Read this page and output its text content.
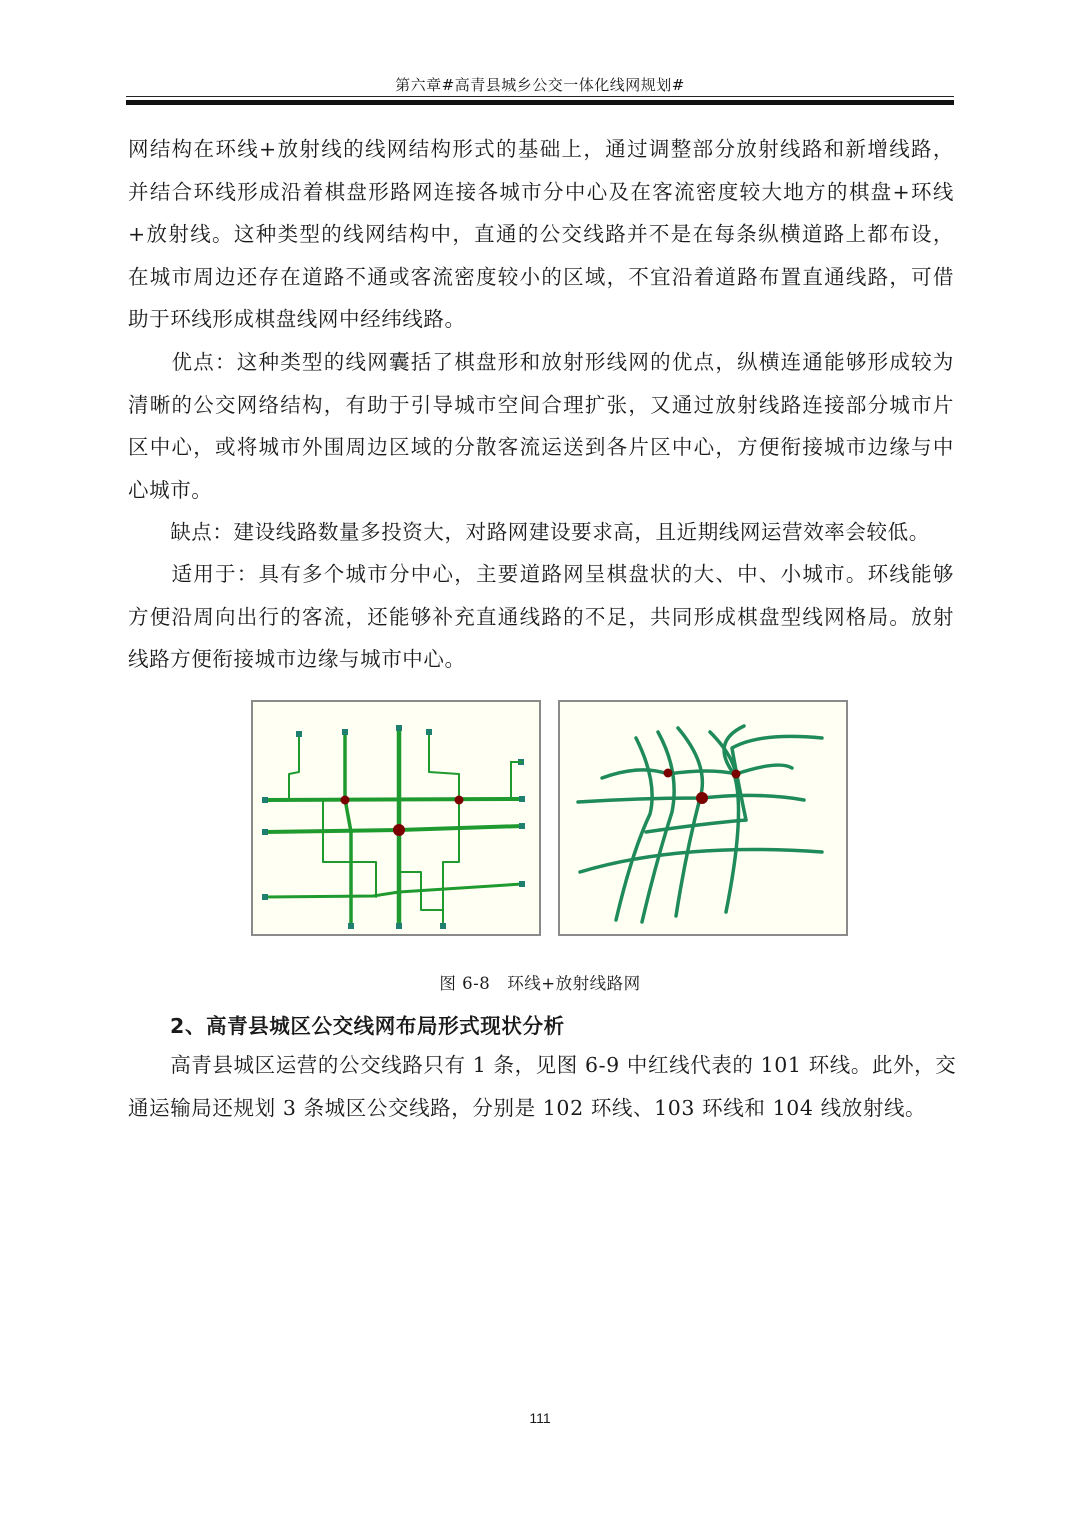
第六章#高青县城乡公交一体化线网规划#
网结构在环线+放射线的线网结构形式的基础上，通过调整部分放射线路和新增线路，
并结合环线形成沿着棋盘形路网连接各城市分中心及在客流密度较大地方的棋盘+环线
+放射线。这种类型的线网结构中，直通的公交线路并不是在每条纵横道路上都布设，
在城市周边还存在道路不通或客流密度较小的区域，不宜沿着道路布置直通线路，可借
助于环线形成棋盘线网中经纬线路。
　　优点：这种类型的线网囊括了棋盘形和放射形线网的优点，纵横连通能够形成较为
清晰的公交网络结构，有助于引导城市空间合理扩张，又通过放射线路连接部分城市片
区中心，或将城市外围周边区域的分散客流运送到各片区中心，方便衔接城市边缘与中
心城市。
　　缺点：建设线路数量多投资大，对路网建设要求高，且近期线网运营效率会较低。
　　适用于：具有多个城市分中心，主要道路网呈棋盘状的大、中、小城市。环线能够
方便沿周向出行的客流，还能够补充直通线路的不足，共同形成棋盘型线网格局。放射
线路方便衔接城市边缘与城市中心。
图 6-8　环线+放射线路网
2、高青县城区公交线网布局形式现状分析
　　高青县城区运营的公交线路只有 1 条，见图 6-9 中红线代表的 101 环线。此外，交
通运输局还规划 3 条城区公交线路，分别是 102 环线、103 环线和 104 线放射线。
111
